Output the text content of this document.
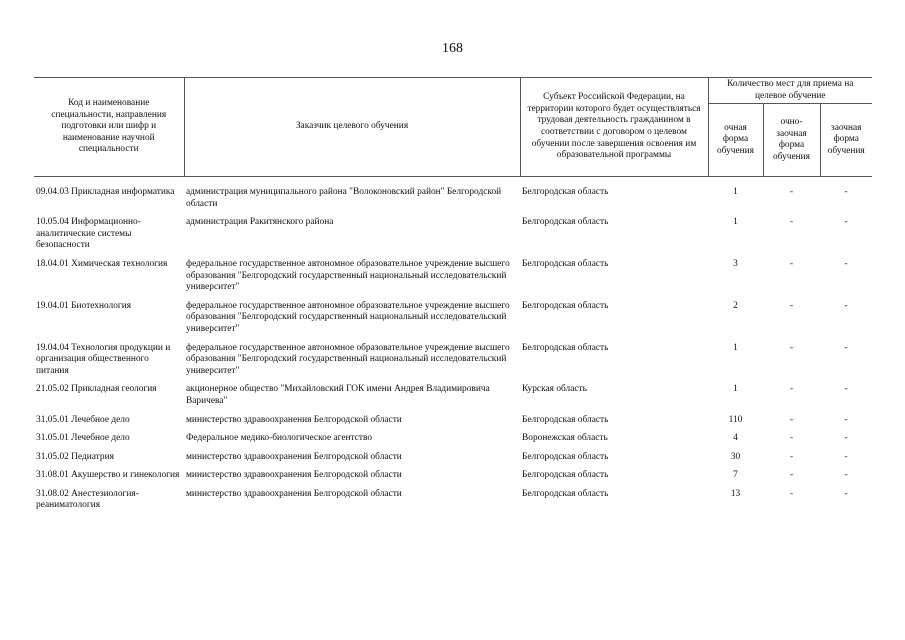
168
Код и наименование специальности, направления подготовки или шифр и наименование научной специальности	Заказчик целевого обучения	Субъект Российской Федерации, на территории которого будет осуществляться трудовая деятельность гражданином в соответствии с договором о целевом обучении после завершения освоения им образовательной программы	Количество мест для приема на целевое обучение		
			очная форма обучения	очно-заочная форма обучения	заочная форма обучения

09.04.03 Прикладная информатика	администрация муниципального района "Волоконовский район" Белгородской области	Белгородская область	1	-	-
10.05.04 Информационно-аналитические системы безопасности	администрация Ракитянского района	Белгородская область	1	-	-
18.04.01 Химическая технология	федеральное государственное автономное образовательное учреждение высшего образования "Белгородский государственный национальный исследовательский университет"	Белгородская область	3	-	-
19.04.01 Биотехнология	федеральное государственное автономное образовательное учреждение высшего образования "Белгородский государственный национальный исследовательский университет"	Белгородская область	2	-	-
19.04.04 Технология продукции и организация общественного питания	федеральное государственное автономное образовательное учреждение высшего образования "Белгородский государственный национальный исследовательский университет"	Белгородская область	1	-	-
21.05.02 Прикладная геология	акционерное общество "Михайловский ГОК имени Андрея Владимировича Варичева"	Курская область	1	-	-
31.05.01 Лечебное дело	министерство здравоохранения Белгородской области	Белгородская область	110	-	-
31.05.01 Лечебное дело	Федеральное медико-биологическое агентство	Воронежская область	4	-	-
31.05.02 Педиатрия	министерство здравоохранения Белгородской области	Белгородская область	30	-	-
31.08.01 Акушерство и гинекология	министерство здравоохранения Белгородской области	Белгородская область	7	-	-
31.08.02 Анестезиология-реаниматология	министерство здравоохранения Белгородской области	Белгородская область	13	-	-
